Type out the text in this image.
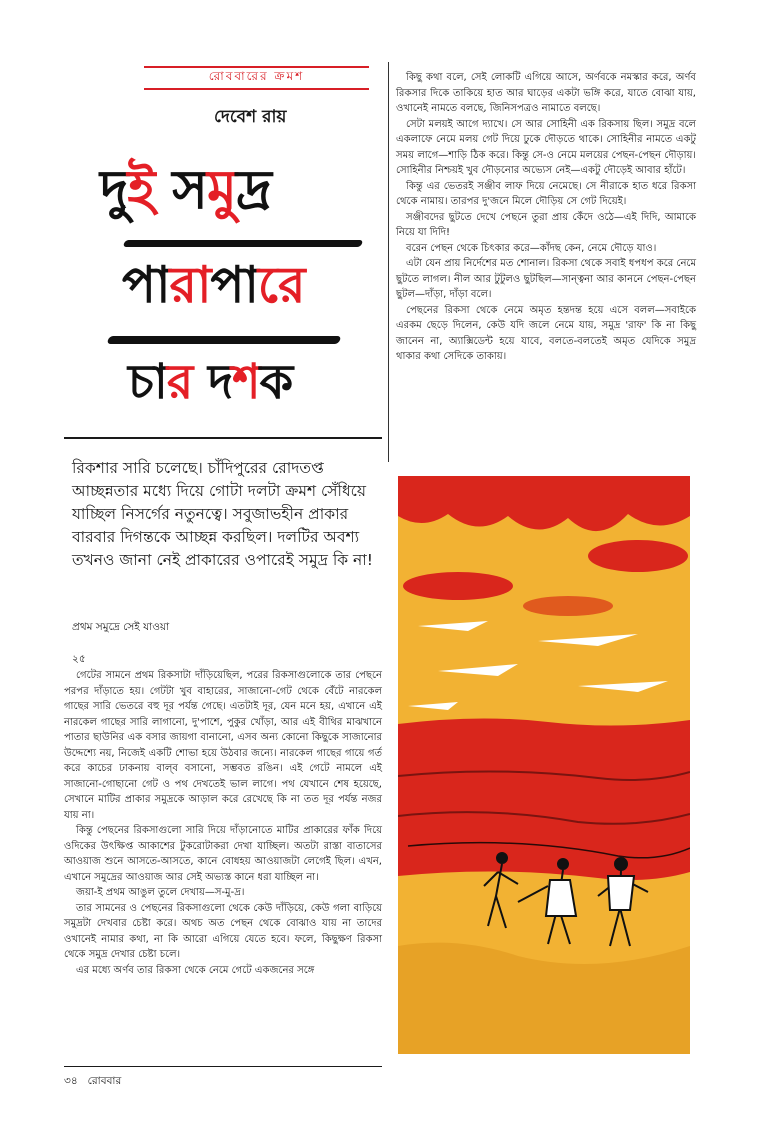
রোববারের ক্রমশ
দেবেশ রায়
দুই সমুদ্র
পারাপারে
চার দশক
রিকশার সারি চলেছে। চাঁদিপুরের রোদতপ্ত আচ্ছন্নতার মধ্যে দিয়ে গোটা দলটা ক্রমশ সেঁধিয়ে যাচ্ছিল নিসর্গের নতুনত্বে। সবুজাভহীন প্রাকার বারবার দিগন্তকে আচ্ছন্ন করছিল। দলটির অবশ্য তখনও জানা নেই প্রাকারের ওপারেই সমুদ্র কি না!
প্রথম সমুদ্রে সেই যাওয়া
২৫

গেটের সামনে প্রথম রিকসাটা দাঁড়িয়েছিল, পরের রিকসাগুলোকে তার পেছনে পরপর দাঁড়াতে হয়। গেটটা খুব বাহারের, সাজানো-গেট থেকে বেঁটে নারকেল গাছের সারি ভেতরে বহু দূর পর্যন্ত গেছে। এতটাই দূর, যেন মনে হয়, এখানে এই নারকেল গাছের সারি লাগানো, দু'পাশে, পুকুর খোঁড়া, আর এই বীথির মাঝখানে পাতার ছাউনির এক বসার জায়গা বানানো, এসব অন্য কোনো কিছুকে সাজানোর উদ্দেশ্যে নয়, নিজেই একটি শোভা হয়ে উঠবার জন্যে। নারকেল গাছের গায়ে গর্ত করে কাচের ঢাকনায় বাল্‌ব বসানো, সম্ভবত রঙিন। এই গেটে নামলে এই সাজানো-গোছানো গেট ও পথ দেখতেই ভাল লাগে। পথ যেখানে শেষ হয়েছে, সেখানে মাটির প্রাকার সমুদ্রকে আড়াল করে রেখেছে কি না তত দূর পর্যন্ত নজর যায় না।

কিন্তু পেছনের রিকসাগুলো সারি দিয়ে দাঁড়ানোতে মাটির প্রাকারের ফাঁক দিয়ে ওদিকের উৎক্ষিপ্ত আকাশের টুকরোটাকরা দেখা যাচ্ছিল। অতটা রাস্তা বাতাসের আওয়াজ শুনে আসতে-আসতে, কানে বোধহয় আওয়াজটা লেগেই ছিল। এখন, এখানে সমুদ্রের আওয়াজ আর সেই অভ্যস্ত কানে ধরা যাচ্ছিল না।

জয়া-ই প্রথম আঙুল তুলে দেখায়—স-মু-দ্র।

তার সামনের ও পেছনের রিকসাগুলো থেকে কেউ দাঁড়িয়ে, কেউ গলা বাড়িয়ে সমুদ্রটা দেখবার চেষ্টা করে। অথচ অত পেছন থেকে বোঝাও যায় না তাদের ওখানেই নামার কথা, না কি আরো এগিয়ে যেতে হবে। ফলে, কিছুক্ষণ রিকসা থেকে সমুদ্র দেখার চেষ্টা চলে।

এর মধ্যে অর্ণব তার রিকসা থেকে নেমে গেটে একজনের সঙ্গে

কিছু কথা বলে, সেই লোকটি এগিয়ে আসে, অর্ণবকে নমস্কার করে, অর্ণব রিকসার দিকে তাকিয়ে হাত আর ঘাড়ের একটা ভঙ্গি করে, যাতে বোঝা যায়, ওখানেই নামতে বলছে, জিনিসপত্রও নামাতে বলছে।

সেটা মলয়ই আগে দ্যাখে। সে আর সোহিনী এক রিকসায় ছিল। সমুদ্র বলে একলাফে নেমে মলয় গেট দিয়ে ঢুকে দৌড়তে থাকে। সোহিনীর নামতে একটু সময় লাগে—শাড়ি ঠিক করে। কিন্তু সে-ও নেমে মলয়ের পেছন-পেছন দৌড়ায়। সোহিনীর নিশ্চয়ই খুব দৌড়নোর অভ্যেস নেই—একটু দৌড়েই আবার হাঁটে।

কিন্তু এর ভেতরই সঞ্জীব লাফ দিয়ে নেমেছে। সে নীরাকে হাত ধরে রিকসা থেকে নামায়। তারপর দু'জনে মিলে দৌড়িয় সে গেট দিয়েই।

সঞ্জীবদের ছুটতে দেখে পেছনে তুরা প্রায় কেঁদে ওঠে—এই দিদি, আমাকে নিয়ে যা দিদি!

বরেন পেছন থেকে চিৎকার করে—কাঁদছ কেন, নেমে দৌড়ে যাও।

এটা যেন প্রায় নির্দেশের মত শোনাল। রিকসা থেকে সবাই ধপধপ করে নেমে ছুটতে লাগল। নীল আর টুটুলও ছুটছিল—সান্ত্বনা আর কাননে পেছন-পেছন ছুটল—দাঁড়া, দাঁড়া বলে।

পেছনের রিকসা থেকে নেমে অমৃত হন্তদন্ত হয়ে এসে বলল—সবাইকে এরকম ছেড়ে দিলেন, কেউ যদি জলে নেমে যায়, সমুদ্র 'রাফ' কি না কিছু জানেন না, অ্যাক্সিডেন্ট হয়ে যাবে, বলতে-বলতেই অমৃত যেদিকে সমুদ্র থাকার কথা সেদিকে তাকায়।

৩৪ রোববার
